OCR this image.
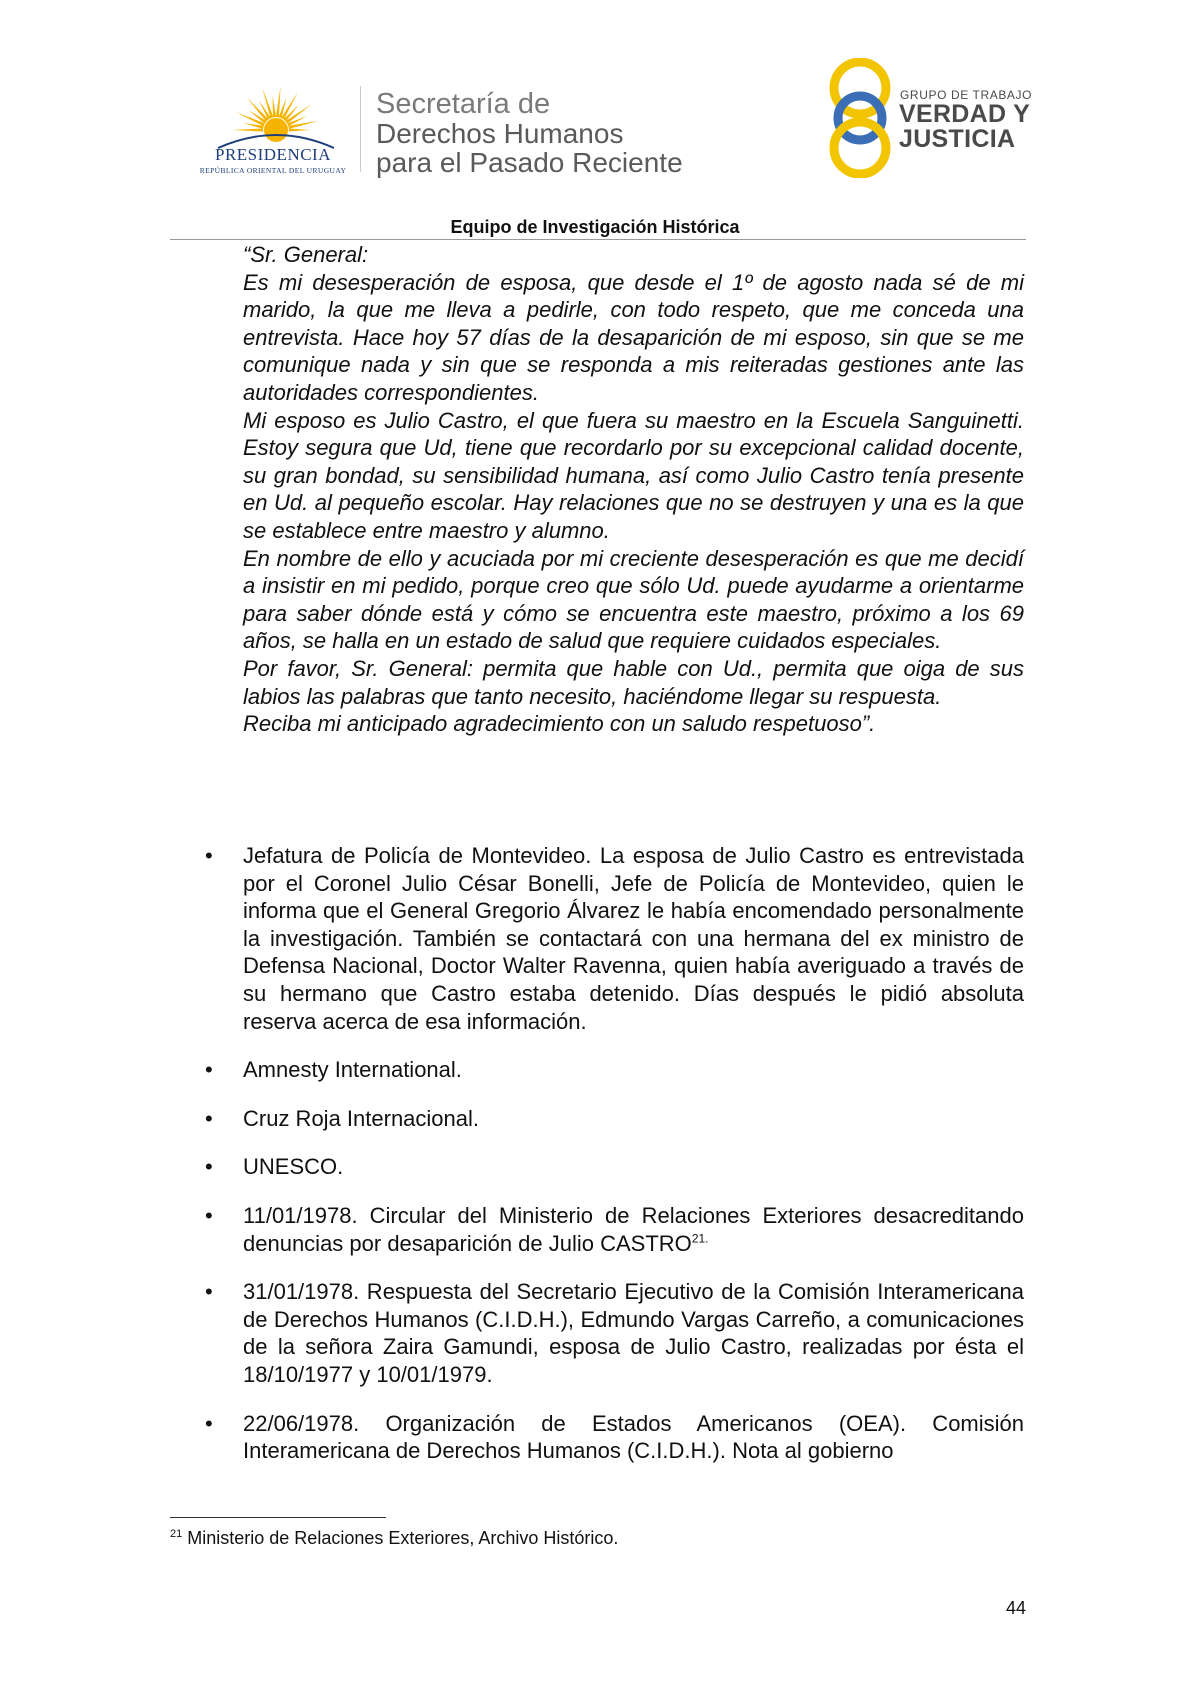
PRESIDENCIA
REPÚBLICA ORIENTAL DEL URUGUAY
Secretaría de
Derechos Humanos
para el Pasado Reciente
GRUPO DE TRABAJO
VERDAD Y
JUSTICIA
Equipo de Investigación Histórica

“Sr. General:

Es mi desesperación de esposa, que desde el 1º de agosto nada sé de mi marido, la que me lleva a pedirle, con todo respeto, que me conceda una entrevista. Hace hoy 57 días de la desaparición de mi esposo, sin que se me comunique nada y sin que se responda a mis reiteradas gestiones ante las autoridades correspondientes.

Mi esposo es Julio Castro, el que fuera su maestro en la Escuela Sanguinetti. Estoy segura que Ud, tiene que recordarlo por su excepcional calidad docente, su gran bondad, su sensibilidad humana, así como Julio Castro tenía presente en Ud. al pequeño escolar. Hay relaciones que no se destruyen y una es la que se establece entre maestro y alumno.

En nombre de ello y acuciada por mi creciente desesperación es que me decidí a insistir en mi pedido, porque creo que sólo Ud. puede ayudarme a orientarme para saber dónde está y cómo se encuentra este maestro, próximo a los 69 años, se halla en un estado de salud que requiere cuidados especiales.

Por favor, Sr. General: permita que hable con Ud., permita que oiga de sus labios las palabras que tanto necesito, haciéndome llegar su respuesta.

Reciba mi anticipado agradecimiento con un saludo respetuoso”.

•	Jefatura de Policía de Montevideo. La esposa de Julio Castro es entrevistada por el Coronel Julio César Bonelli, Jefe de Policía de Montevideo, quien le informa que el General Gregorio Álvarez le había encomendado personalmente la investigación. También se contactará con una hermana del ex ministro de Defensa Nacional, Doctor Walter Ravenna, quien había averiguado a través de su hermano que Castro estaba detenido. Días después le pidió absoluta reserva acerca de esa información.
•	Amnesty International.
•	Cruz Roja Internacional.
•	UNESCO.
•	11/01/1978. Circular del Ministerio de Relaciones Exteriores desacreditando denuncias por desaparición de Julio $CASTRO^{21.}$
•	31/01/1978. Respuesta del Secretario Ejecutivo de la Comisión Interamericana de Derechos Humanos (C.I.D.H.), Edmundo Vargas Carreño, a comunicaciones de la señora Zaira Gamundi, esposa de Julio Castro, realizadas por ésta el 18/10/1977 y 10/01/1979.
•	22/06/1978. Organización de Estados Americanos (OEA). Comisión Interamericana de Derechos Humanos (C.I.D.H.). Nota al gobierno
$^{21}$ Ministerio de Relaciones Exteriores, Archivo Histórico.
44
